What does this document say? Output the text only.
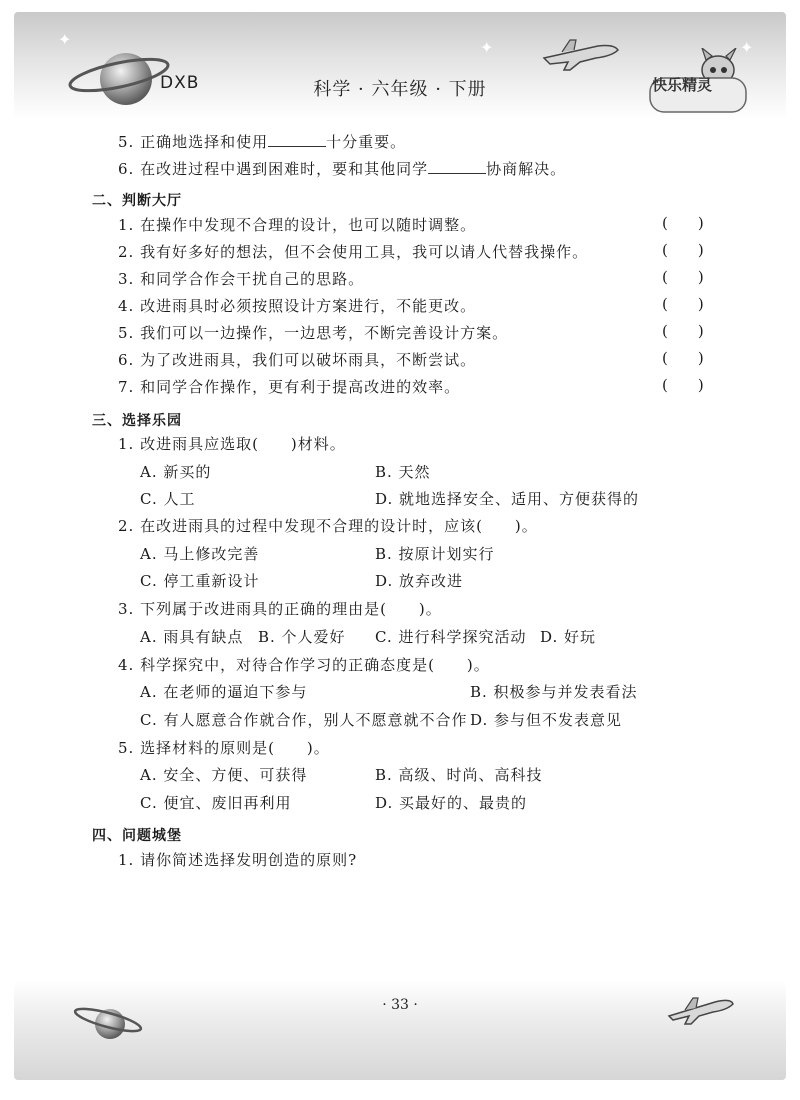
✦	✦	✦
DXB	科学 · 六年级 · 下册	快乐精灵
5. 正确地选择和使用	十分重要。
6. 在改进过程中遇到困难时，要和其他同学	协商解决。
二、判断大厅
1. 在操作中发现不合理的设计，也可以随时调整。	()
2. 我有好多好的想法，但不会使用工具，我可以请人代替我操作。	()
3. 和同学合作会干扰自己的思路。	()
4. 改进雨具时必须按照设计方案进行，不能更改。	()
5. 我们可以一边操作，一边思考，不断完善设计方案。	()
6. 为了改进雨具，我们可以破坏雨具，不断尝试。	()
7. 和同学合作操作，更有利于提高改进的效率。	()
三、选择乐园
1. 改进雨具应选取(　　)材料。
A. 新买的	B. 天然
C. 人工	D. 就地选择安全、适用、方便获得的
2. 在改进雨具的过程中发现不合理的设计时，应该(　　)。
A. 马上修改完善	B. 按原计划实行
C. 停工重新设计	D. 放弃改进
3. 下列属于改进雨具的正确的理由是(　　)。
A. 雨具有缺点 B. 个人爱好 C. 进行科学探究活动 D. 好玩
4. 科学探究中，对待合作学习的正确态度是(　　)。
A. 在老师的逼迫下参与	B. 积极参与并发表看法
C. 有人愿意合作就合作，别人不愿意就不合作 D. 参与但不发表意见
5. 选择材料的原则是(　　)。
A. 安全、方便、可获得	B. 高级、时尚、高科技
C. 便宜、废旧再利用	D. 买最好的、最贵的
四、问题城堡
1. 请你简述选择发明创造的原则?
· 33 ·
